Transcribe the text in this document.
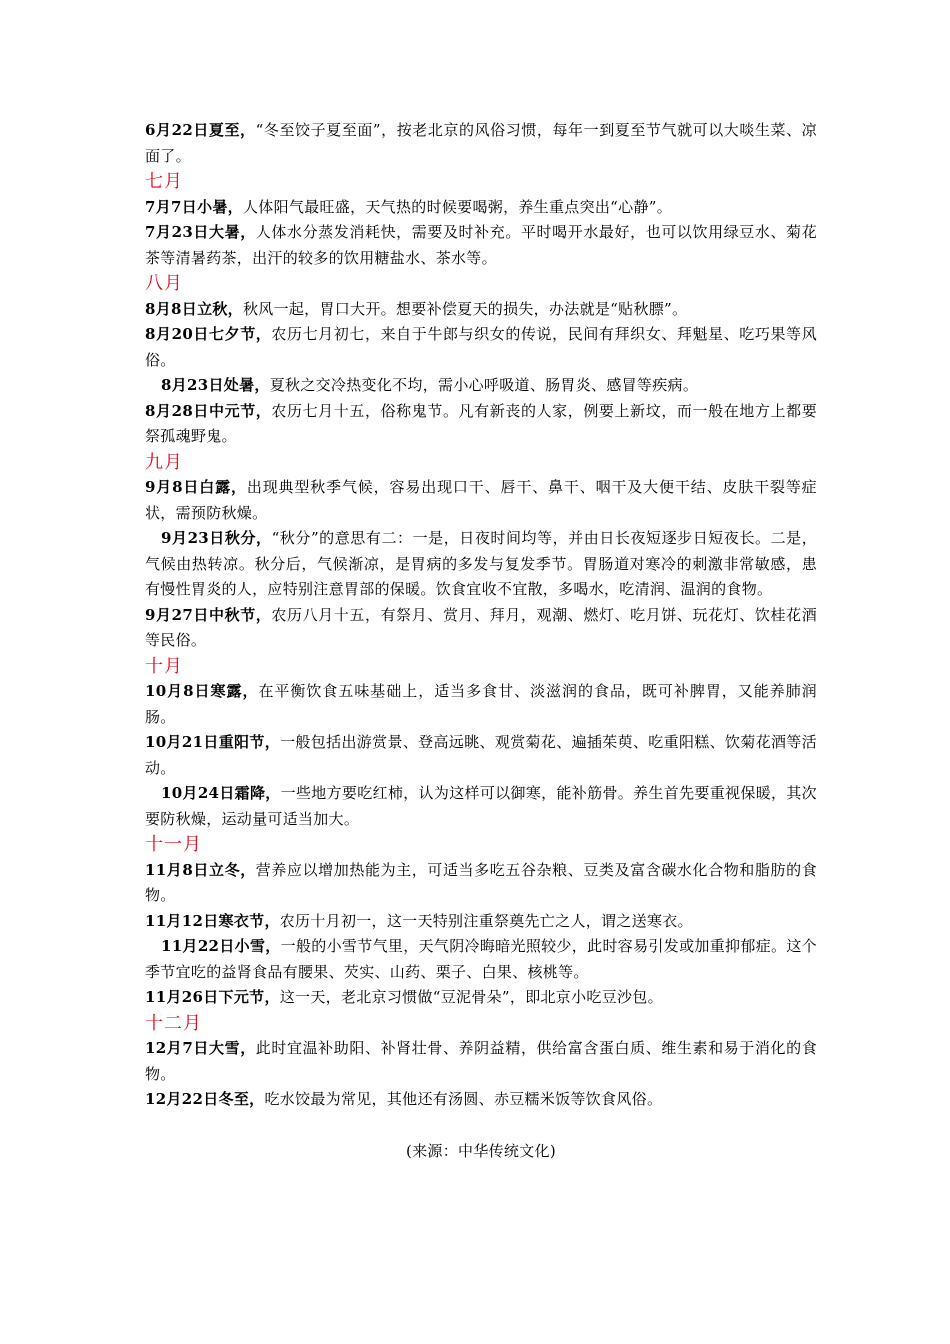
6月22日夏至，“冬至饺子夏至面”，按老北京的风俗习惯，每年一到夏至节气就可以大啖生菜、凉面了。

七月

7月7日小暑，人体阳气最旺盛，天气热的时候要喝粥，养生重点突出“心静”。

7月23日大暑，人体水分蒸发消耗快，需要及时补充。平时喝开水最好，也可以饮用绿豆水、菊花茶等清暑药茶，出汗的较多的饮用糖盐水、茶水等。

八月

8月8日立秋，秋风一起，胃口大开。想要补偿夏天的损失，办法就是“贴秋膘”。

8月20日七夕节，农历七月初七，来自于牛郎与织女的传说，民间有拜织女、拜魁星、吃巧果等风俗。

8月23日处暑，夏秋之交冷热变化不均，需小心呼吸道、肠胃炎、感冒等疾病。

8月28日中元节，农历七月十五，俗称鬼节。凡有新丧的人家，例要上新坟，而一般在地方上都要祭孤魂野鬼。

九月

9月8日白露，出现典型秋季气候，容易出现口干、唇干、鼻干、咽干及大便干结、皮肤干裂等症状，需预防秋燥。

9月23日秋分，“秋分”的意思有二：一是，日夜时间均等，并由日长夜短逐步日短夜长。二是，气候由热转凉。秋分后，气候渐凉，是胃病的多发与复发季节。胃肠道对寒冷的刺激非常敏感，患有慢性胃炎的人，应特别注意胃部的保暖。饮食宜收不宜散，多喝水，吃清润、温润的食物。

9月27日中秋节，农历八月十五，有祭月、赏月、拜月，观潮、燃灯、吃月饼、玩花灯、饮桂花酒等民俗。

十月

10月8日寒露，在平衡饮食五味基础上，适当多食甘、淡滋润的食品，既可补脾胃，又能养肺润肠。

10月21日重阳节，一般包括出游赏景、登高远眺、观赏菊花、遍插茱萸、吃重阳糕、饮菊花酒等活动。

10月24日霜降，一些地方要吃红柿，认为这样可以御寒，能补筋骨。养生首先要重视保暖，其次要防秋燥，运动量可适当加大。

十一月

11月8日立冬，营养应以增加热能为主，可适当多吃五谷杂粮、豆类及富含碳水化合物和脂肪的食物。

11月12日寒衣节，农历十月初一，这一天特别注重祭奠先亡之人，谓之送寒衣。

11月22日小雪，一般的小雪节气里，天气阴冷晦暗光照较少，此时容易引发或加重抑郁症。这个季节宜吃的益肾食品有腰果、芡实、山药、栗子、白果、核桃等。

11月26日下元节，这一天，老北京习惯做“豆泥骨朵”，即北京小吃豆沙包。

十二月

12月7日大雪，此时宜温补助阳、补肾壮骨、养阴益精，供给富含蛋白质、维生素和易于消化的食物。

12月22日冬至，吃水饺最为常见，其他还有汤圆、赤豆糯米饭等饮食风俗。

(来源：中华传统文化)
